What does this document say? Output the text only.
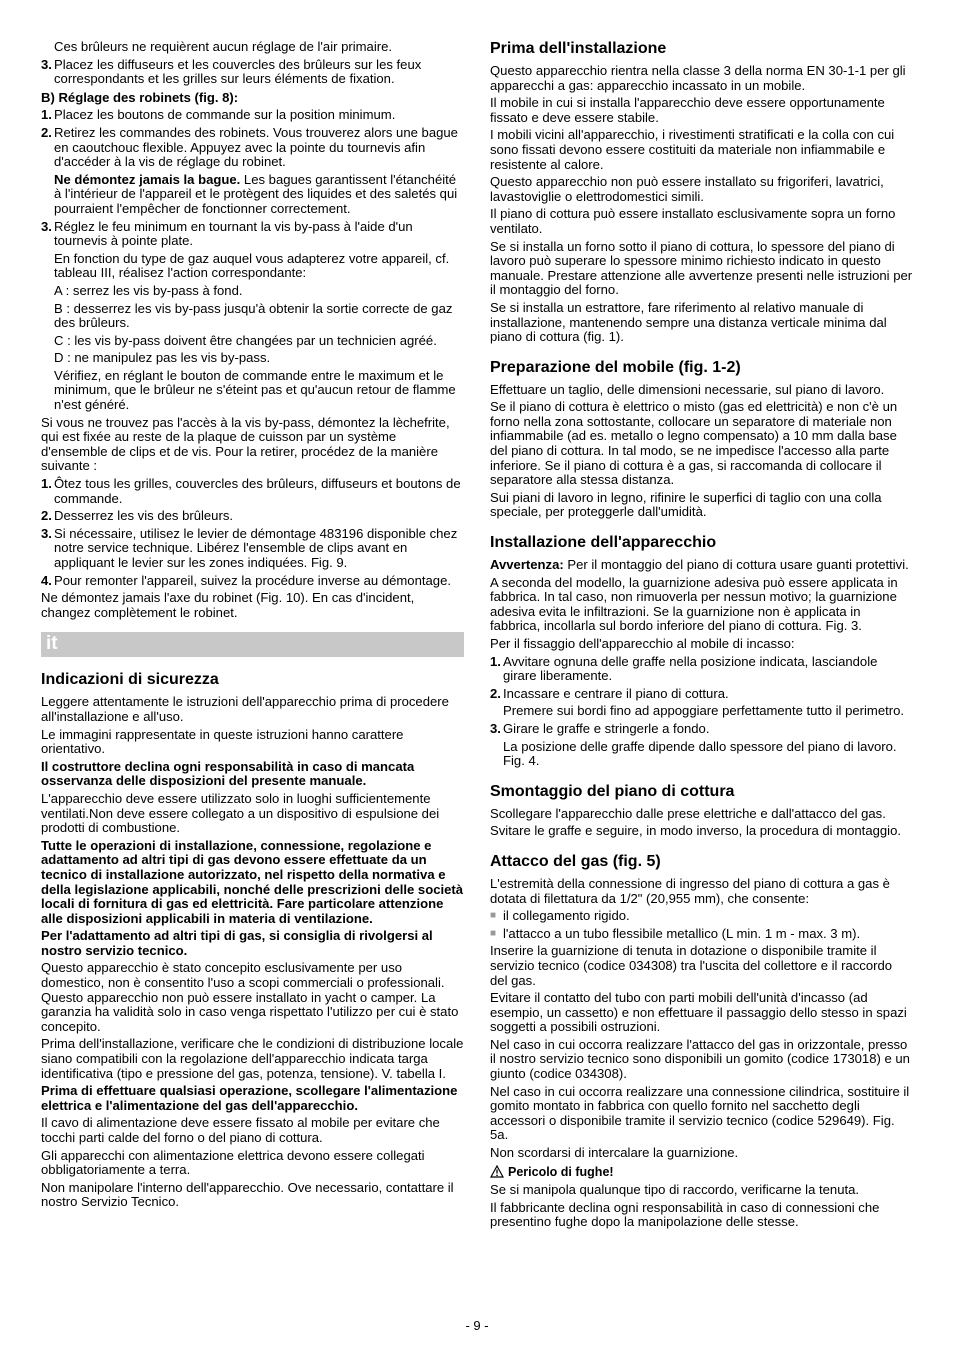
Ces brûleurs ne requièrent aucun réglage de l'air primaire.

3. Placez les diffuseurs et les couvercles des brûleurs sur les feux correspondants et les grilles sur leurs éléments de fixation.

B) Réglage des robinets (fig. 8):

1. Placez les boutons de commande sur la position minimum.
2. Retirez les commandes des robinets. Vous trouverez alors une bague en caoutchouc flexible. Appuyez avec la pointe du tournevis afin d'accéder à la vis de réglage du robinet.

Ne démontez jamais la bague. Les bagues garantissent l'étanchéité à l'intérieur de l'appareil et le protègent des liquides et des saletés qui pourraient l'empêcher de fonctionner correctement.

3. Réglez le feu minimum en tournant la vis by-pass à l'aide d'un tournevis à pointe plate.

En fonction du type de gaz auquel vous adapterez votre appareil, cf. tableau III, réalisez l'action correspondante:

A : serrez les vis by-pass à fond.

B : desserrez les vis by-pass jusqu'à obtenir la sortie correcte de gaz des brûleurs.

C : les vis by-pass doivent être changées par un technicien agréé.

D : ne manipulez pas les vis by-pass.

Vérifiez, en réglant le bouton de commande entre le maximum et le minimum, que le brûleur ne s'éteint pas et qu'aucun retour de flamme n'est généré.

Si vous ne trouvez pas l'accès à la vis by-pass, démontez la lèchefrite, qui est fixée au reste de la plaque de cuisson par un système d'ensemble de clips et de vis. Pour la retirer, procédez de la manière suivante :

1. Ôtez tous les grilles, couvercles des brûleurs, diffuseurs et boutons de commande.
2. Desserrez les vis des brûleurs.
3. Si nécessaire, utilisez le levier de démontage 483196 disponible chez notre service technique. Libérez l'ensemble de clips avant en appliquant le levier sur les zones indiquées. Fig. 9.
4. Pour remonter l'appareil, suivez la procédure inverse au démontage.

Ne démontez jamais l'axe du robinet (Fig. 10). En cas d'incident, changez complètement le robinet.

it
Indicazioni di sicurezza

Leggere attentamente le istruzioni dell'apparecchio prima di procedere all'installazione e all'uso.

Le immagini rappresentate in queste istruzioni hanno carattere orientativo.

Il costruttore declina ogni responsabilità in caso di mancata osservanza delle disposizioni del presente manuale.

L'apparecchio deve essere utilizzato solo in luoghi sufficientemente ventilati.Non deve essere collegato a un dispositivo di espulsione dei prodotti di combustione.

Tutte le operazioni di installazione, connessione, regolazione e adattamento ad altri tipi di gas devono essere effettuate da un tecnico di installazione autorizzato, nel rispetto della normativa e della legislazione applicabili, nonché delle prescrizioni delle società locali di fornitura di gas ed elettricità. Fare particolare attenzione alle disposizioni applicabili in materia di ventilazione.

Per l'adattamento ad altri tipi di gas, si consiglia di rivolgersi al nostro servizio tecnico.

Questo apparecchio è stato concepito esclusivamente per uso domestico, non è consentito l'uso a scopi commerciali o professionali. Questo apparecchio non può essere installato in yacht o camper. La garanzia ha validità solo in caso venga rispettato l'utilizzo per cui è stato concepito.

Prima dell'installazione, verificare che le condizioni di distribuzione locale siano compatibili con la regolazione dell'apparecchio indicata targa identificativa (tipo e pressione del gas, potenza, tensione). V. tabella I.

Prima di effettuare qualsiasi operazione, scollegare l'alimentazione elettrica e l'alimentazione del gas dell'apparecchio.

Il cavo di alimentazione deve essere fissato al mobile per evitare che tocchi parti calde del forno o del piano di cottura.

Gli apparecchi con alimentazione elettrica devono essere collegati obbligatoriamente a terra.

Non manipolare l'interno dell'apparecchio. Ove necessario, contattare il nostro Servizio Tecnico.

Prima dell'installazione

Questo apparecchio rientra nella classe 3 della norma EN 30-1-1 per gli apparecchi a gas: apparecchio incassato in un mobile.

Il mobile in cui si installa l'apparecchio deve essere opportunamente fissato e deve essere stabile.

I mobili vicini all'apparecchio, i rivestimenti stratificati e la colla con cui sono fissati devono essere costituiti da materiale non infiammabile e resistente al calore.

Questo apparecchio non può essere installato su frigoriferi, lavatrici, lavastoviglie o elettrodomestici simili.

Il piano di cottura può essere installato esclusivamente sopra un forno ventilato.

Se si installa un forno sotto il piano di cottura, lo spessore del piano di lavoro può superare lo spessore minimo richiesto indicato in questo manuale. Prestare attenzione alle avvertenze presenti nelle istruzioni per il montaggio del forno.

Se si installa un estrattore, fare riferimento al relativo manuale di installazione, mantenendo sempre una distanza verticale minima dal piano di cottura (fig. 1).

Preparazione del mobile (fig. 1-2)

Effettuare un taglio, delle dimensioni necessarie, sul piano di lavoro.

Se il piano di cottura è elettrico o misto (gas ed elettricità) e non c'è un forno nella zona sottostante, collocare un separatore di materiale non infiammabile (ad es. metallo o legno compensato) a 10 mm dalla base del piano di cottura. In tal modo, se ne impedisce l'accesso alla parte inferiore. Se il piano di cottura è a gas, si raccomanda di collocare il separatore alla stessa distanza.

Sui piani di lavoro in legno, rifinire le superfici di taglio con una colla speciale, per proteggerle dall'umidità.

Installazione dell'apparecchio

Avvertenza: Per il montaggio del piano di cottura usare guanti protettivi.

A seconda del modello, la guarnizione adesiva può essere applicata in fabbrica. In tal caso, non rimuoverla per nessun motivo; la guarnizione adesiva evita le infiltrazioni. Se la guarnizione non è applicata in fabbrica, incollarla sul bordo inferiore del piano di cottura. Fig. 3.

Per il fissaggio dell'apparecchio al mobile di incasso:

1. Avvitare ognuna delle graffe nella posizione indicata, lasciandole girare liberamente.
2. Incassare e centrare il piano di cottura.

Premere sui bordi fino ad appoggiare perfettamente tutto il perimetro.

3. Girare le graffe e stringerle a fondo.

La posizione delle graffe dipende dallo spessore del piano di lavoro. Fig. 4.

Smontaggio del piano di cottura

Scollegare l'apparecchio dalle prese elettriche e dall'attacco del gas.

Svitare le graffe e seguire, in modo inverso, la procedura di montaggio.

Attacco del gas (fig. 5)

L'estremità della connessione di ingresso del piano di cottura a gas è dotata di filettatura da 1/2" (20,955 mm), che consente:

■ il collegamento rigido.
■ l'attacco a un tubo flessibile metallico (L min. 1 m - max. 3 m).

Inserire la guarnizione di tenuta in dotazione o disponibile tramite il servizio tecnico (codice 034308) tra l'uscita del collettore e il raccordo del gas.

Evitare il contatto del tubo con parti mobili dell'unità d'incasso (ad esempio, un cassetto) e non effettuare il passaggio dello stesso in spazi soggetti a possibili ostruzioni.

Nel caso in cui occorra realizzare l'attacco del gas in orizzontale, presso il nostro servizio tecnico sono disponibili un gomito (codice 173018) e un giunto (codice 034308).

Nel caso in cui occorra realizzare una connessione cilindrica, sostituire il gomito montato in fabbrica con quello fornito nel sacchetto degli accessori o disponibile tramite il servizio tecnico (codice 529649). Fig. 5a.

Non scordarsi di intercalare la guarnizione.

Pericolo di fughe!

Se si manipola qualunque tipo di raccordo, verificarne la tenuta.

Il fabbricante declina ogni responsabilità in caso di connessioni che presentino fughe dopo la manipolazione delle stesse.

- 9 -
